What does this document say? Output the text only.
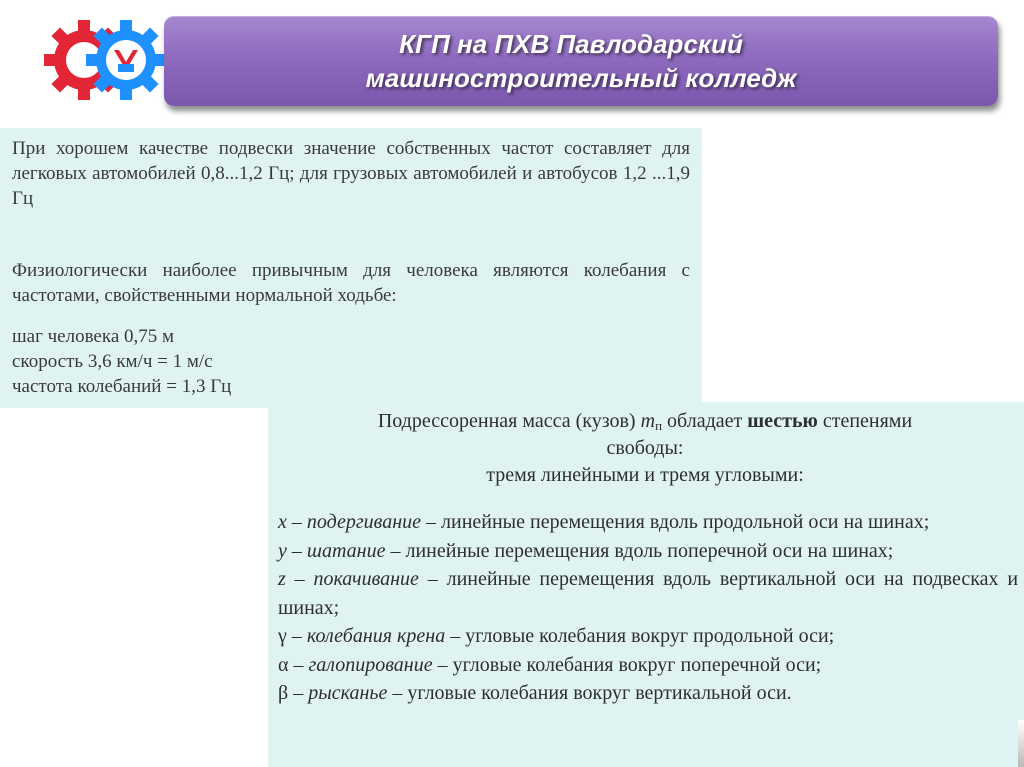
КГП на ПХВ Павлодарский
машиностроительный колледж
При хорошем качестве подвески значение собственных частот составляет для легковых автомобилей 0,8...1,2 Гц; для грузовых автомобилей и автобусов 1,2 ...1,9 Гц
Физиологически наиболее привычным для человека являются колебания с частотами, свойственными нормальной ходьбе:
шаг человека 0,75 м
скорость 3,6 км/ч = 1 м/с
частота колебаний = 1,3 Гц
Подрессоренная масса (кузов) $m_п$ обладает шестью степенями
свободы:
тремя линейными и тремя угловыми:
x – подергивание – линейные перемещения вдоль продольной оси на шинах;
y – шатание – линейные перемещения вдоль поперечной оси на шинах;
z – покачивание – линейные перемещения вдоль вертикальной оси на подвесках и шинах;
γ – колебания крена – угловые колебания вокруг продольной оси;
α – галопирование – угловые колебания вокруг поперечной оси;
β – рысканье – угловые колебания вокруг вертикальной оси.
